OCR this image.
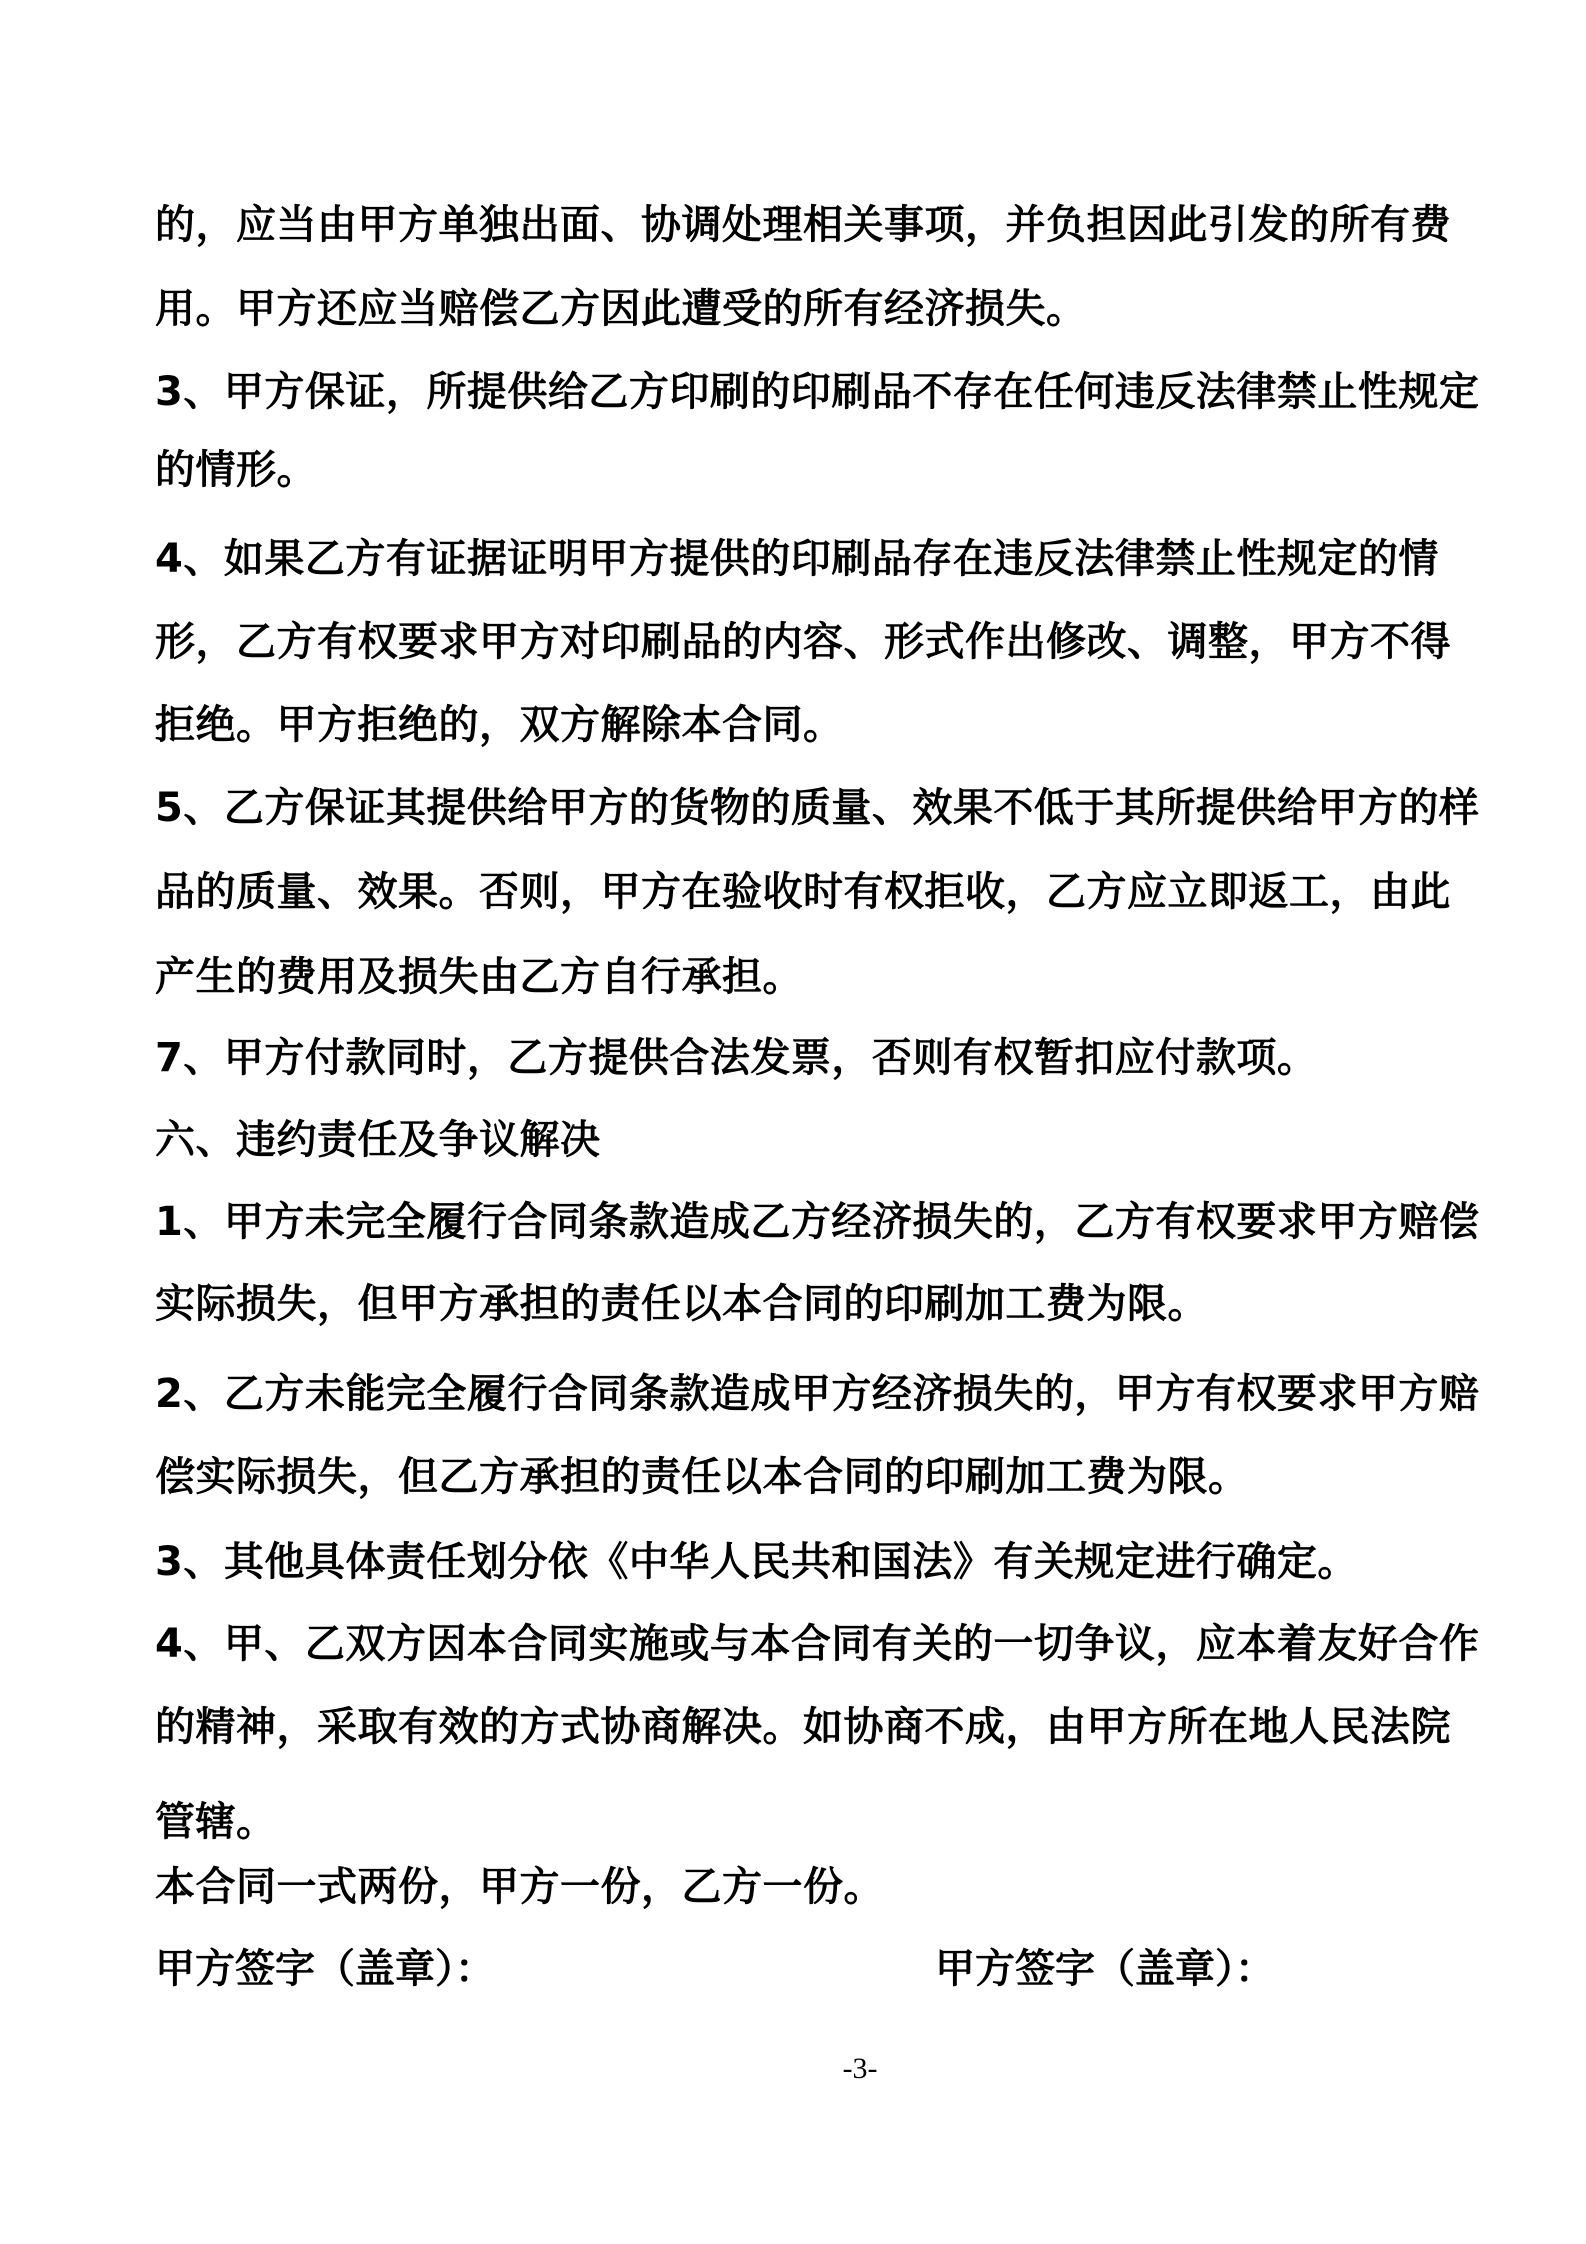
的，应当由甲方单独出面、协调处理相关事项，并负担因此引发的所有费
用。甲方还应当赔偿乙方因此遭受的所有经济损失。
3、甲方保证，所提供给乙方印刷的印刷品不存在任何违反法律禁止性规定
的情形。
4、如果乙方有证据证明甲方提供的印刷品存在违反法律禁止性规定的情
形，乙方有权要求甲方对印刷品的内容、形式作出修改、调整，甲方不得
拒绝。甲方拒绝的，双方解除本合同。
5、乙方保证其提供给甲方的货物的质量、效果不低于其所提供给甲方的样
品的质量、效果。否则，甲方在验收时有权拒收，乙方应立即返工，由此
产生的费用及损失由乙方自行承担。
7、甲方付款同时，乙方提供合法发票，否则有权暂扣应付款项。
六、违约责任及争议解决
1、甲方未完全履行合同条款造成乙方经济损失的，乙方有权要求甲方赔偿
实际损失，但甲方承担的责任以本合同的印刷加工费为限。
2、乙方未能完全履行合同条款造成甲方经济损失的，甲方有权要求甲方赔
偿实际损失，但乙方承担的责任以本合同的印刷加工费为限。
3、其他具体责任划分依《中华人民共和国法》有关规定进行确定。
4、甲、乙双方因本合同实施或与本合同有关的一切争议，应本着友好合作
的精神，采取有效的方式协商解决。如协商不成，由甲方所在地人民法院
管辖。
本合同一式两份，甲方一份，乙方一份。
甲方签字（盖章）：	甲方签字（盖章）：
-3-
